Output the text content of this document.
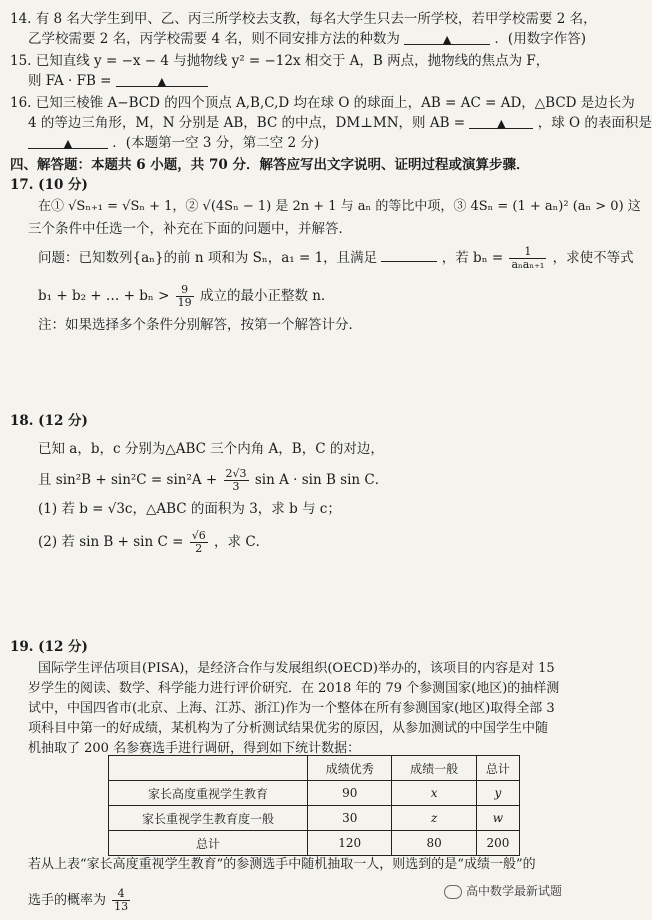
14. 有 8 名大学生到甲、乙、丙三所学校去支教，每名大学生只去一所学校，若甲学校需要 2 名，
乙学校需要 2 名，丙学校需要 4 名，则不同安排方法的种数为	▲	．(用数字作答)
15. 已知直线 y = −x − 4 与抛物线 y² = −12x 相交于 A，B 两点，抛物线的焦点为 F，
则 FA · FB =	▲
16. 已知三棱锥 A−BCD 的四个顶点 A,B,C,D 均在球 O 的球面上，AB = AC = AD，△BCD 是边长为
4 的等边三角形，M，N 分别是 AB，BC 的中点，DM⊥MN，则 AB =	▲ ，球 O 的表面积是
▲	．(本题第一空 3 分，第二空 2 分)
四、解答题：本题共 6 小题，共 70 分．解答应写出文字说明、证明过程或演算步骤．
17. (10 分)
在① √Sₙ₊₁ = √Sₙ + 1，② √(4Sₙ − 1) 是 2n + 1 与 aₙ 的等比中项，③ 4Sₙ = (1 + aₙ)² (aₙ > 0) 这
三个条件中任选一个，补充在下面的问题中，并解答．
问题：已知数列{aₙ}的前 n 项和为 Sₙ，a₁ = 1，且满足	，若 $b_n = \frac{1}{\text{aₙaₙ₊₁}}$ ，求使不等式
b₁ + b₂ + … + $b_n > \frac{9}{19}$ 成立的最小正整数 n．
注：如果选择多个条件分别解答，按第一个解答计分．
18. (12 分)
已知 a，b，c 分别为△ABC 三个内角 A，B，C 的对边，
且 $\sin^2B + \sin^2C = \sin^2A + \frac{2√3}{3}$ sin A · sin B sin C．
(1) 若 b = √3c，△ABC 的面积为 3，求 b 与 c；
(2) 若 $\sin B + \sin C = \frac{√6}{2}$ ，求 C．
19. (12 分)
国际学生评估项目(PISA)，是经济合作与发展组织(OECD)举办的，该项目的内容是对 15
岁学生的阅读、数学、科学能力进行评价研究．在 2018 年的 79 个参测国家(地区)的抽样测
试中，中国四省市(北京、上海、江苏、浙江)作为一个整体在所有参测国家(地区)取得全部 3
项科目中第一的好成绩，某机构为了分析测试结果优劣的原因，从参加测试的中国学生中随
机抽取了 200 名参赛选手进行调研，得到如下统计数据：
	成绩优秀	成绩一般	总计
家长高度重视学生教育	90	x	y
家长重视学生教育度一般	30	z	w
总计	120	80	200
若从上表“家长高度重视学生教育”的参测选手中随机抽取一人，则选到的是“成绩一般”的
选手的概率为 $\frac{4}{13}$	高中数学最新试题
